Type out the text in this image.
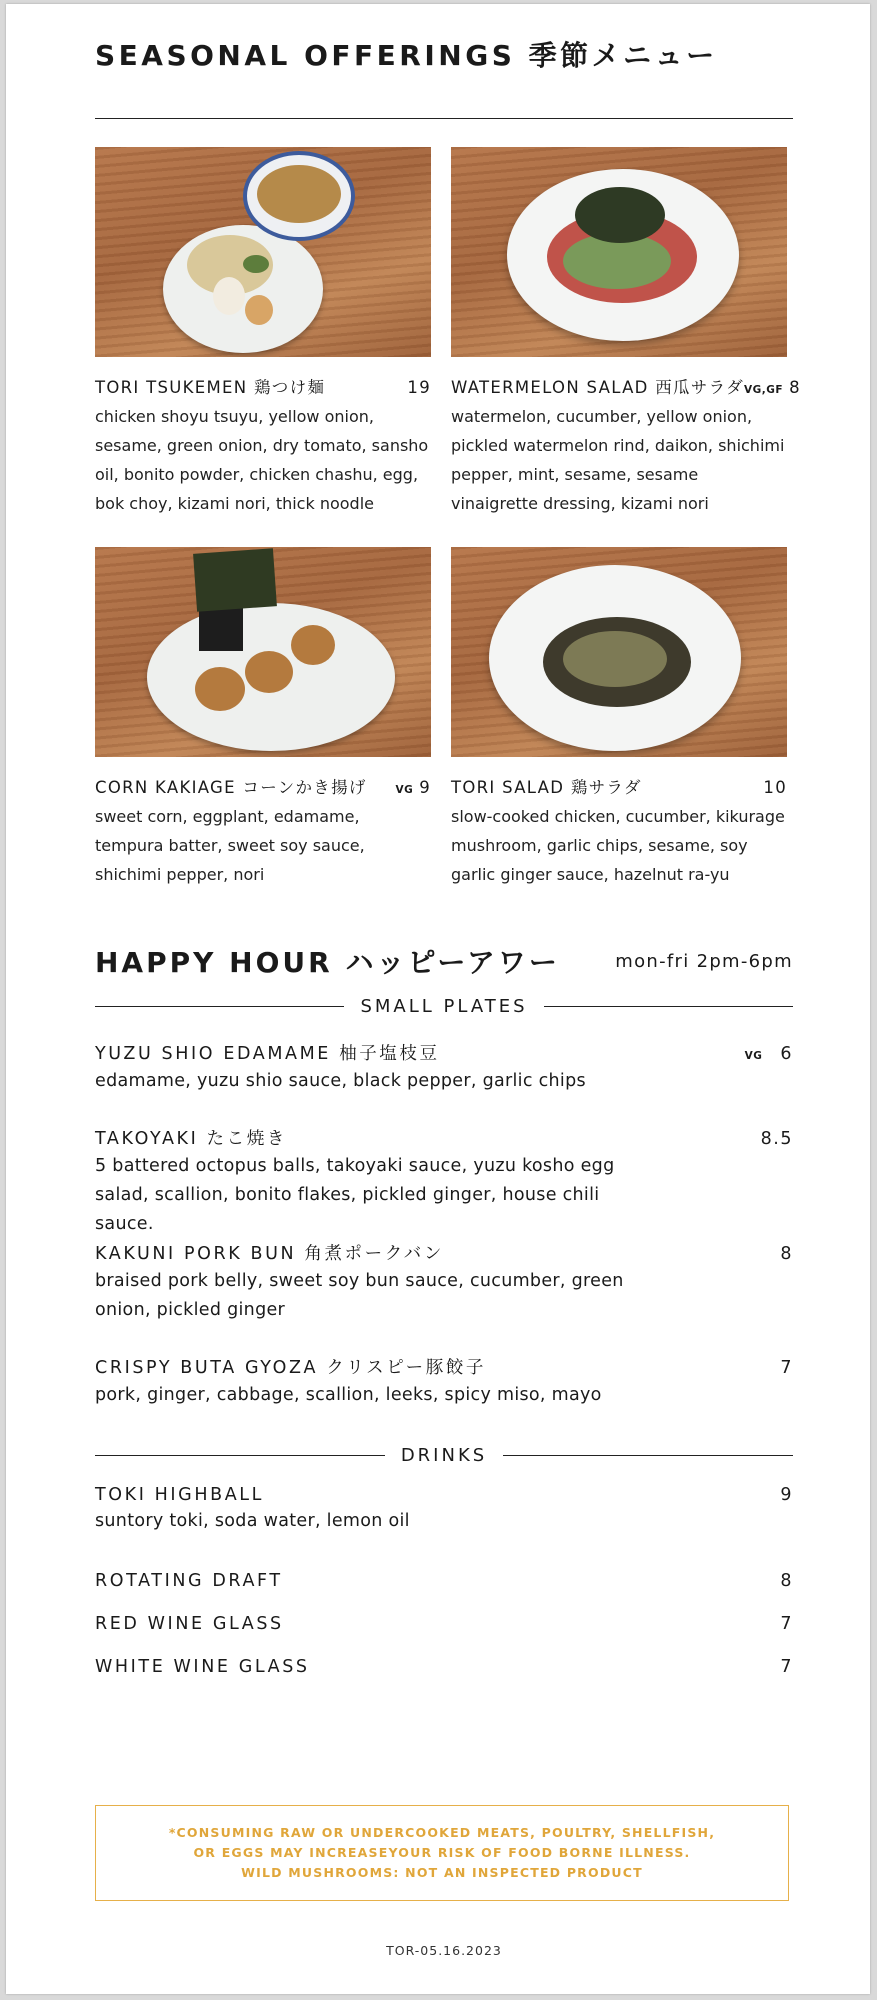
SEASONAL OFFERINGS 季節メニュー
TORI TSUKEMEN 鶏つけ麺	19
chicken shoyu tsuyu, yellow onion, sesame, green onion, dry tomato, sansho oil, bonito powder, chicken chashu, egg, bok choy, kizami nori, thick noodle
WATERMELON SALAD 西瓜サラダ VG,GF 8
watermelon, cucumber, yellow onion, pickled watermelon rind, daikon, shichimi pepper, mint, sesame, sesame vinaigrette dressing, kizami nori
CORN KAKIAGE コーンかき揚げ	VG 9
sweet corn, eggplant, edamame, tempura batter, sweet soy sauce, shichimi pepper, nori
TORI SALAD 鶏サラダ	10
slow-cooked chicken, cucumber, kikurage mushroom, garlic chips, sesame, soy garlic ginger sauce, hazelnut ra-yu
HAPPY HOUR ハッピーアワー	mon-fri 2pm-6pm
SMALL PLATES
YUZU SHIO EDAMAME 柚子塩枝豆	VG 6
edamame, yuzu shio sauce, black pepper, garlic chips
TAKOYAKI たこ焼き	8.5
5 battered octopus balls, takoyaki sauce, yuzu kosho egg salad, scallion, bonito flakes, pickled ginger, house chili sauce.
KAKUNI PORK BUN 角煮ポークバン	8
braised pork belly, sweet soy bun sauce, cucumber, green onion, pickled ginger
CRISPY BUTA GYOZA クリスピー豚餃子	7
pork, ginger, cabbage, scallion, leeks, spicy miso, mayo
DRINKS
TOKI HIGHBALL	9
suntory toki, soda water, lemon oil
ROTATING DRAFT	8
RED WINE GLASS	7
WHITE WINE GLASS	7
*CONSUMING RAW OR UNDERCOOKED MEATS, POULTRY, SHELLFISH,
OR EGGS MAY INCREASEYOUR RISK OF FOOD BORNE ILLNESS.
WILD MUSHROOMS: NOT AN INSPECTED PRODUCT
TOR-05.16.2023
